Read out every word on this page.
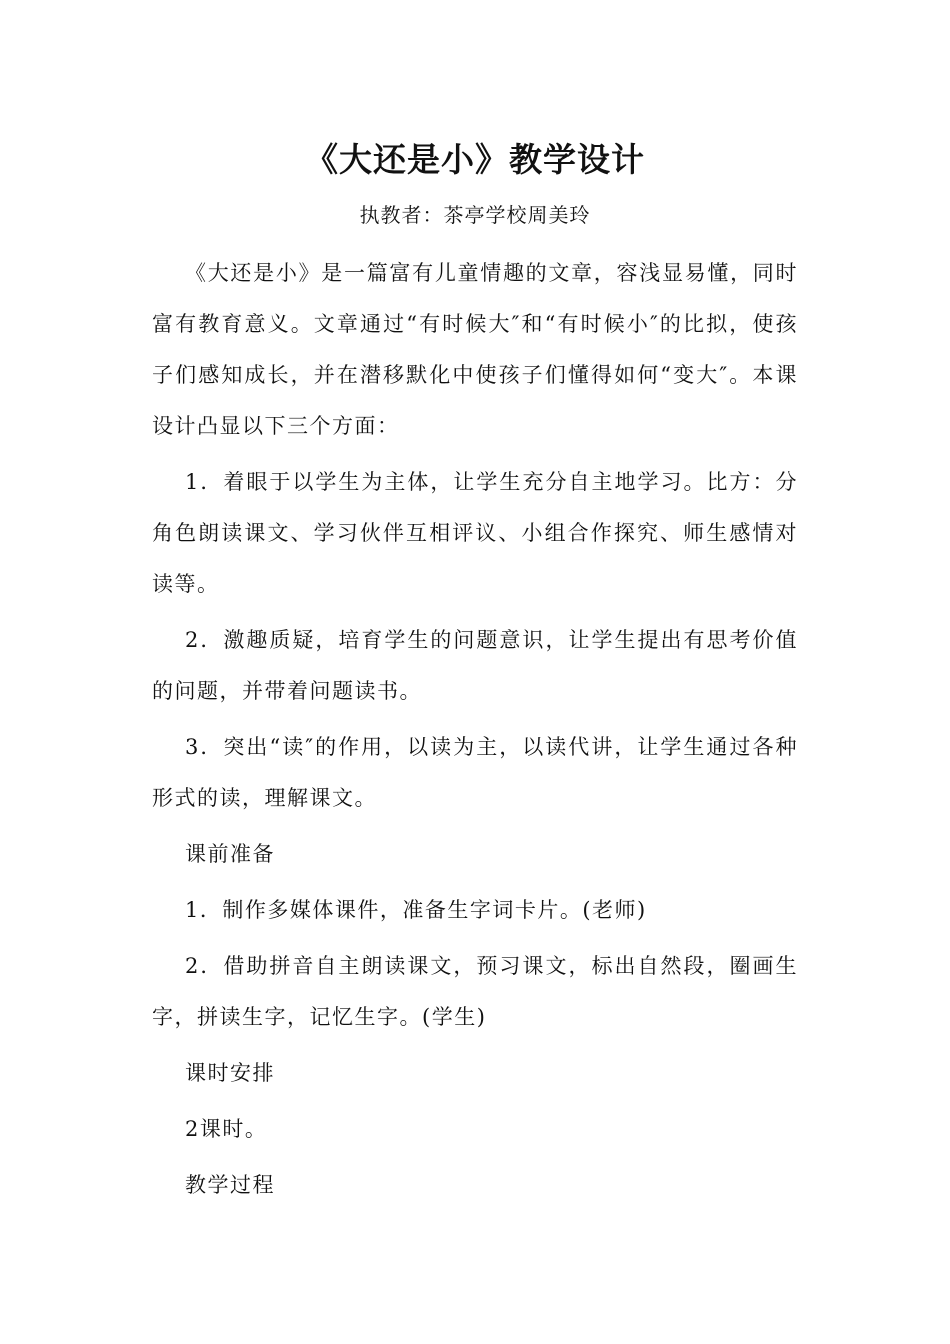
《大还是小》教学设计
执教者：茶亭学校周美玲

《大还是小》是一篇富有儿童情趣的文章，容浅显易懂，同时富有教育意义。文章通过“有时候大″和“有时候小″的比拟，使孩子们感知成长，并在潜移默化中使孩子们懂得如何“变大″。本课设计凸显以下三个方面：

1．着眼于以学生为主体，让学生充分自主地学习。比方：分角色朗读课文、学习伙伴互相评议、小组合作探究、师生感情对读等。

2．激趣质疑，培育学生的问题意识，让学生提出有思考价值的问题，并带着问题读书。

3．突出“读″的作用，以读为主，以读代讲，让学生通过各种形式的读，理解课文。

课前准备

1．制作多媒体课件，准备生字词卡片。(老师)

2．借助拼音自主朗读课文，预习课文，标出自然段，圈画生字，拼读生字，记忆生字。(学生)

课时安排

2课时。

教学过程
